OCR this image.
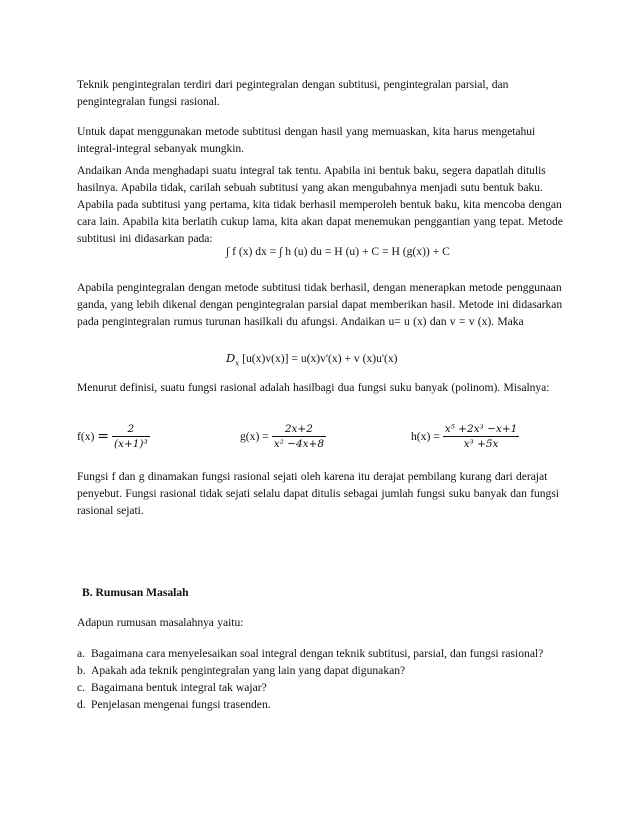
Teknik pengintegralan terdiri dari pegintegralan dengan subtitusi, pengintegralan parsial, dan pengintegralan fungsi rasional.

Untuk dapat menggunakan metode subtitusi dengan hasil yang memuaskan, kita harus mengetahui integral-integral sebanyak mungkin.

Andaikan Anda menghadapi suatu integral tak tentu. Apabila ini bentuk baku, segera dapatlah ditulis hasilnya. Apabila tidak, carilah sebuah subtitusi yang akan mengubahnya menjadi sutu bentuk baku. Apabila pada subtitusi yang pertama, kita tidak berhasil memperoleh bentuk baku, kita mencoba dengan cara lain. Apabila kita berlatih cukup lama, kita akan dapat menemukan penggantian yang tepat. Metode subtitusi ini didasarkan pada:

∫ f (x) dx = ∫ h (u) du = H (u) + C = H (g(x)) + C

Apabila pengintegralan dengan metode subtitusi tidak berhasil, dengan menerapkan metode penggunaan ganda, yang lebih dikenal dengan pengintegralan parsial dapat memberikan hasil. Metode ini didasarkan pada pengintegralan rumus turunan hasilkali du afungsi. Andaikan u= u (x) dan v = v (x). Maka

$D_x$ [u(x)v(x)] = u(x)v'(x) + v (x)u'(x)

Menurut definisi, suatu fungsi rasional adalah hasilbagi dua fungsi suku banyak (polinom). Misalnya:

$f(x) = \frac{2}{\text{(x+1)³}}$	$g(x) = \frac{2x+2}{\text{x² −4x+8}}$	$h(x) = \frac{\text{x⁵ +2x³ −x+1}}{\text{x³ +5x}}$

Fungsi f dan g dinamakan fungsi rasional sejati oleh karena itu derajat pembilang kurang dari derajat penyebut. Fungsi rasional tidak sejati selalu dapat ditulis sebagai jumlah fungsi suku banyak dan fungsi rasional sejati.

B. Rumusan Masalah

Adapun rumusan masalahnya yaitu:

a. Bagaimana cara menyelesaikan soal integral dengan teknik subtitusi, parsial, dan fungsi rasional?
b. Apakah ada teknik pengintegralan yang lain yang dapat digunakan?
c. Bagaimana bentuk integral tak wajar?
d. Penjelasan mengenai fungsi trasenden.
